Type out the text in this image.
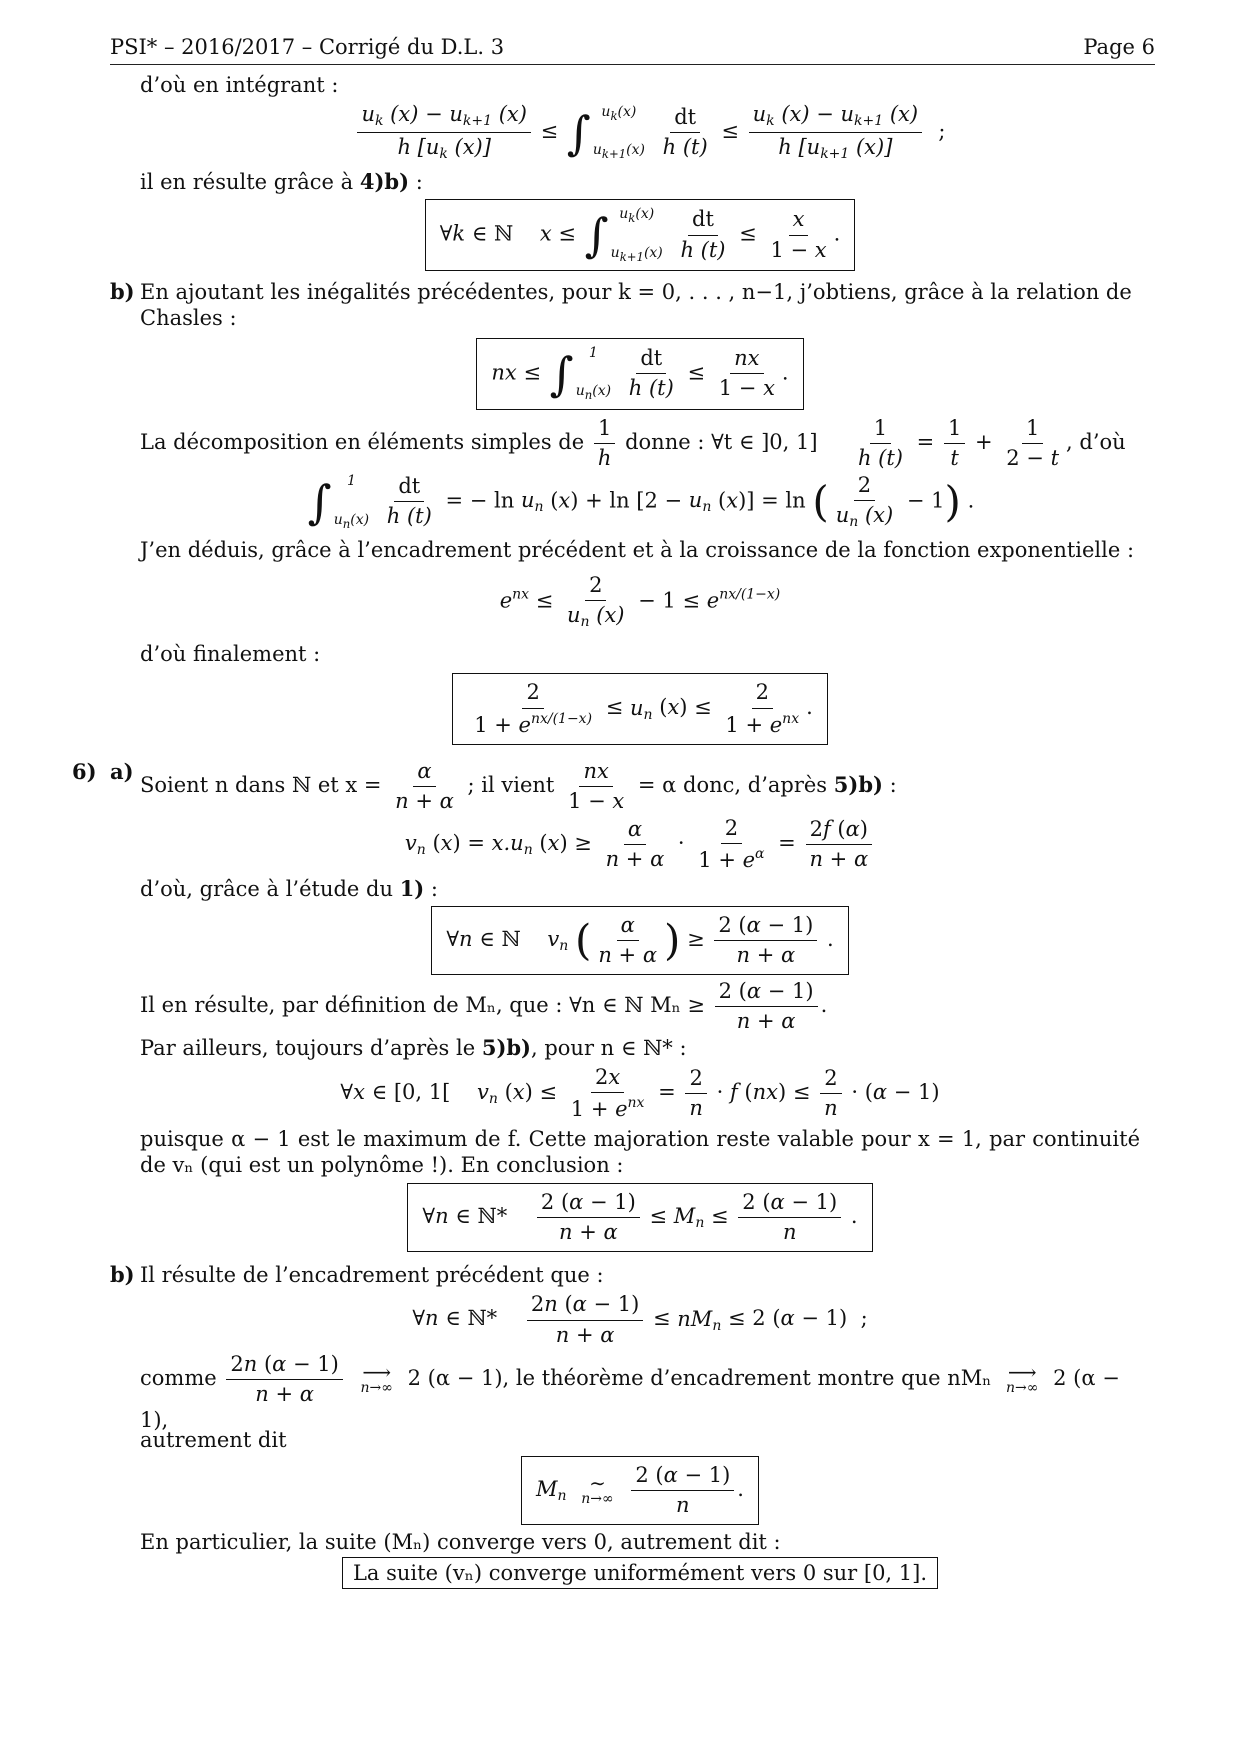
PSI* – 2016/2017 – Corrigé du D.L. 3	Page 6

d’où en intégrant :

$\frac{u_k (x) - u_{k+1} (x)}{h [u_k (x)]}$ ≤ ∫ $u_k(x)$
$u_{k+1}(x)$
$\frac{dt}{h (t)} \le \frac{u_k (x) - u_{k+1} (x)}{h [u_{k+1} (x)]}$ ;

il en résulte grâce à 4)b) :

∀k ∈ ℕ    x ≤ ∫ $u_k(x)$
$u_{k+1}(x)$
$\frac{dt}{h (t)} \le \frac{x}{1 - x}$ .
b) En ajoutant les inégalités précédentes, pour k = 0, . . . , n−1, j’obtiens, grâce à la relation de Chasles :

nx ≤ ∫	1
$u_n(x)$
$\frac{dt}{h (t)} \le \frac{nx}{1 - x}$ .

La décomposition en éléments simples de $\frac{1}{h}$ donne : ∀t ∈ ]0, $1] \frac{1}{h (t)} = \frac{1}{t} + \frac{1}{2 - t}$ , d’où

∫	1
$u_n(x)$
$\frac{dt}{h (t)}$ = − $\ln u_n$ $(x) + \ln [2 - u_n$ (x)] = ln ( $\frac{2}{u_n (x)} - 1$) .

J’en déduis, grâce à l’encadrement précédent et à la croissance de la fonction exponentielle :

$e^{nx} \le \frac{2}{u_n (x)} - 1 \le e^{nx/(1-x)}$

d’où finalement :

$\frac{2}{1 + e^{nx/(1-x)}} \le u_n$ $(x) \le \frac{2}{1 + e^{nx}}$ .
6) a)

Soient n dans ℕ et $x = \frac{\alpha}{n + \alpha}$ ; il vient $\frac{nx}{1 - x} = \alpha$ donc, d’après 5)b) :

$v_n$ $(x) = x.u_n$ $(x) \ge \frac{\alpha}{n + \alpha} \cdot \frac{2}{1 + e^\alpha} = \frac{2f (\alpha)}{n + \alpha}$

d’où, grâce à l’étude du 1) :

∀n ∈ ℕ    $v_n$ ( $\frac{\alpha}{n + \alpha}$ ) ≥ $\frac{2 (\alpha - 1)}{n + \alpha}$ .

Il en résulte, par définition de Mₙ, que : ∀n ∈ ℕ $M_n \ge \frac{2 (\alpha - 1)}{n + \alpha}$ .

Par ailleurs, toujours d’après le 5)b), pour n ∈ ℕ* :

∀x ∈ [0, 1[    $v_n$ $(x) \le \frac{2x}{1 + e^{nx}} = \frac{2}{n} \cdot f$ $(nx) \le \frac{2}{n} \cdot (\alpha - 1)$

puisque α − 1 est le maximum de f. Cette majoration reste valable pour x = 1, par continuité de vₙ (qui est un polynôme !). En conclusion :

∀n ∈ ℕ* $\frac{2 (\alpha - 1)}{n + \alpha} \le M_n \le \frac{2 (\alpha - 1)}{n}$ .
b) Il résulte de l’encadrement précédent que :

∀n ∈ ℕ* $\frac{2n (\alpha - 1)}{n + \alpha} \le nM_n \le 2$ (α − 1)  ;

comme $\frac{2n (\alpha - 1)}{n + \alpha}$
⟶
n→∞ 2 (α − 1), le théorème d’encadrement montre que nMₙ ⟶
n→∞ 2 (α − 1),

autrement dit

$M_n$
∼
n→∞
$\frac{2 (\alpha - 1)}{n}$ .

En particulier, la suite (Mₙ) converge vers 0, autrement dit :

La suite (vₙ) converge uniformément vers 0 sur [0, 1].
